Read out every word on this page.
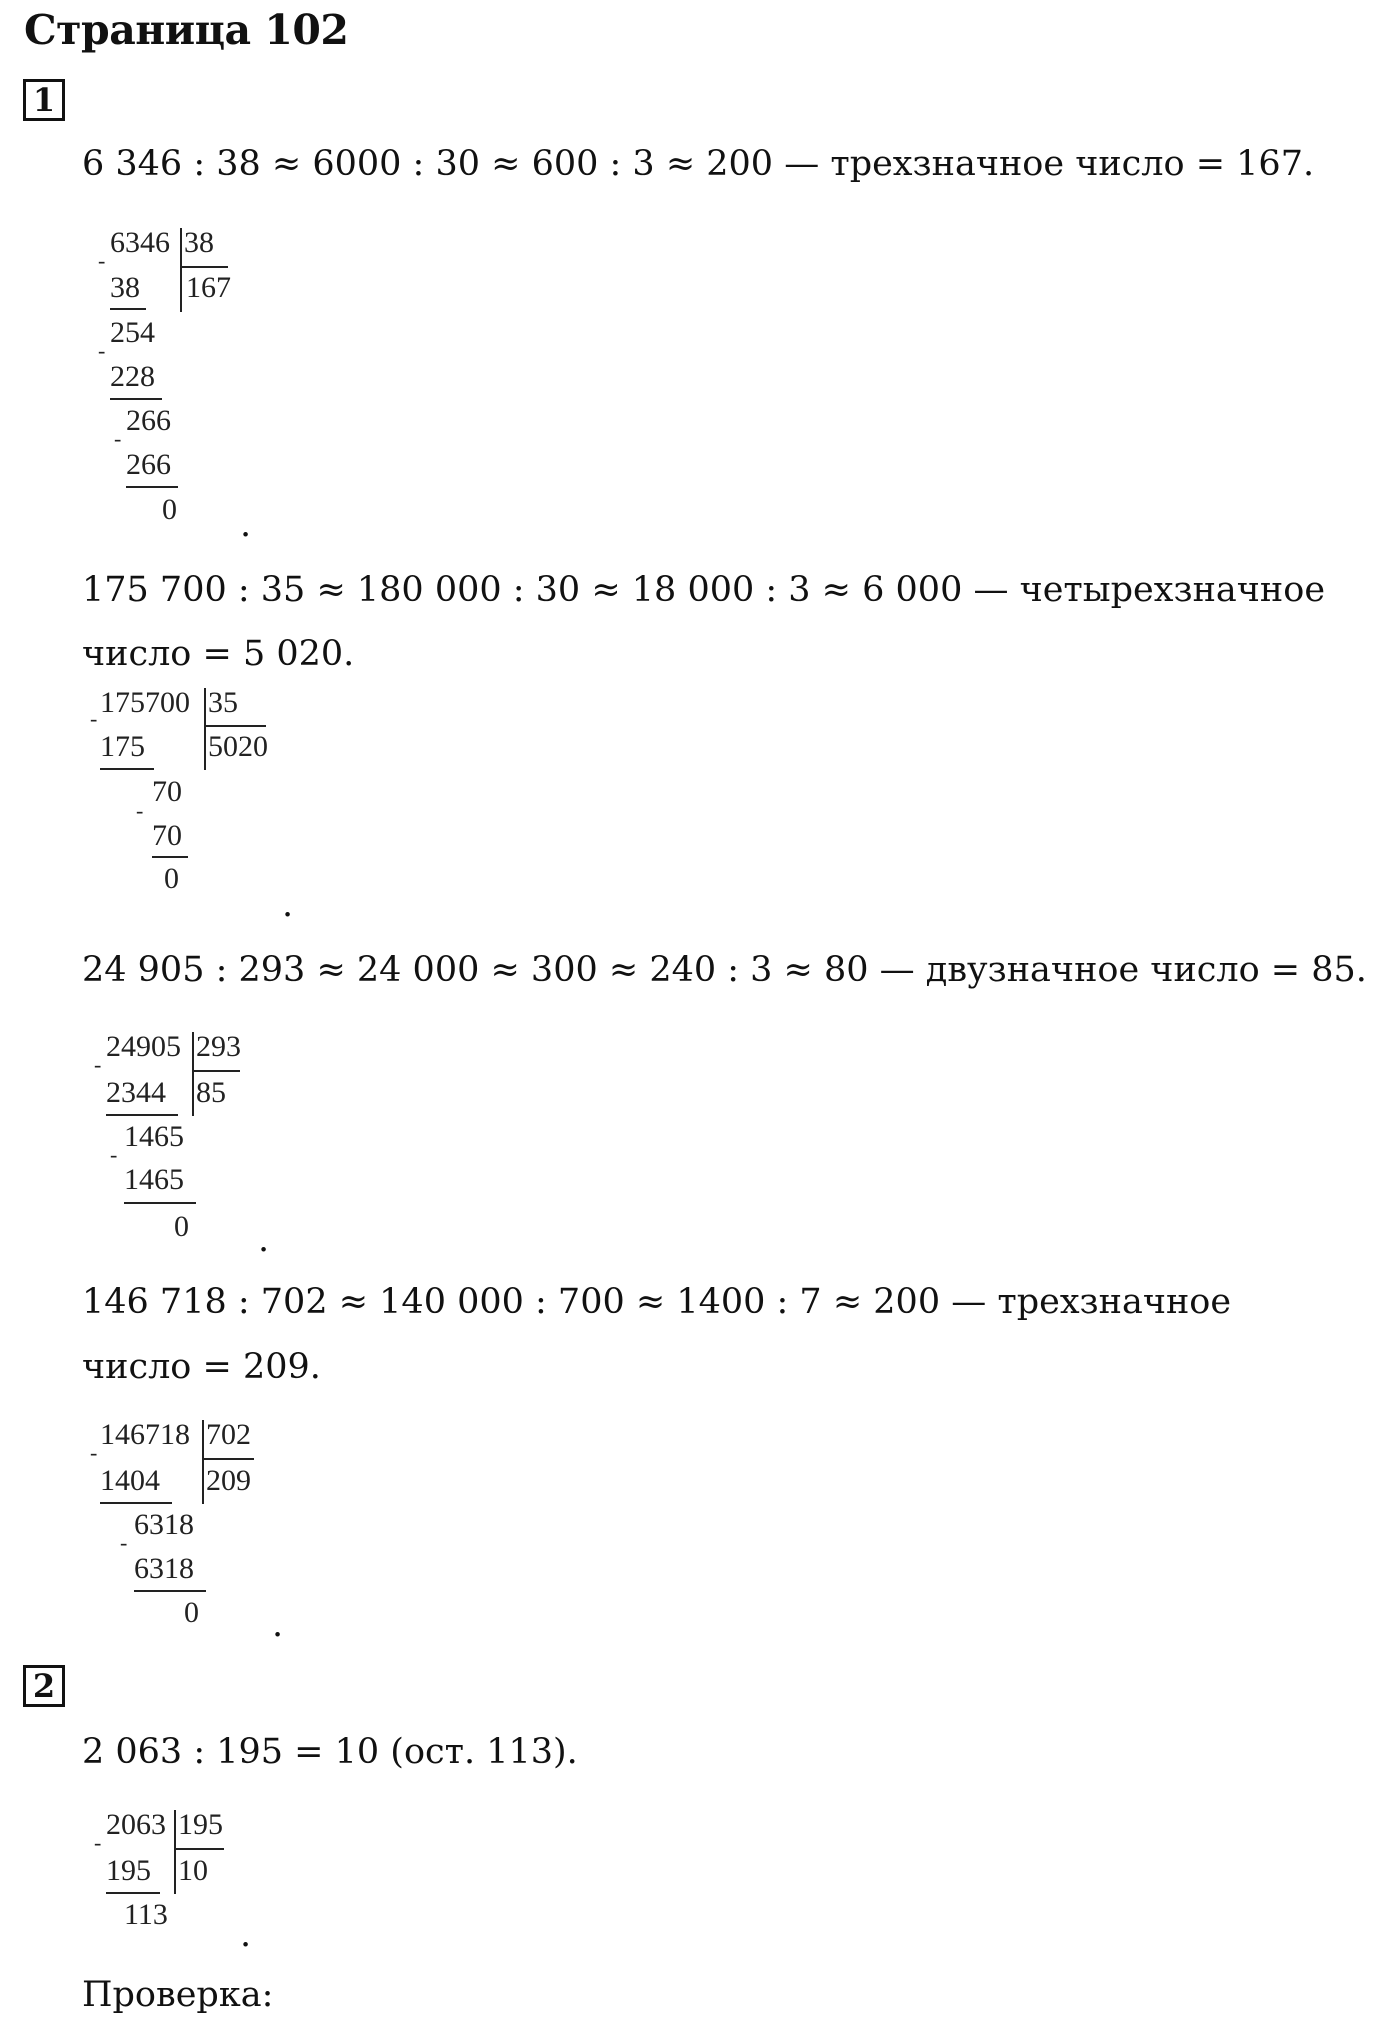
Страница 102
1
6 346 : 38 ≈ 6000 : 30 ≈ 600 : 3 ≈ 200 — трехзначное число = 167.
6346 38
167
-
38
254
-
228
266
-
266
0 .
175 700 : 35 ≈ 180 000 : 30 ≈ 18 000 : 3 ≈ 6 000 — четырехзначное
число = 5 020.
175700 35
5020
-
175
70
-
70
0
.
24 905 : 293 ≈ 24 000 ≈ 300 ≈ 240 : 3 ≈ 80 — двузначное число = 85.
24905 293
85
-
2344
1465
-
1465
0 .
146 718 : 702 ≈ 140 000 : 700 ≈ 1400 : 7 ≈ 200 — трехзначное
число = 209.
146718 702
209
-
1404
6318
-
6318
0 .
2
2 063 : 195 = 10 (ост. 113).
2063 195
10
-
195
113
.
Проверка:
